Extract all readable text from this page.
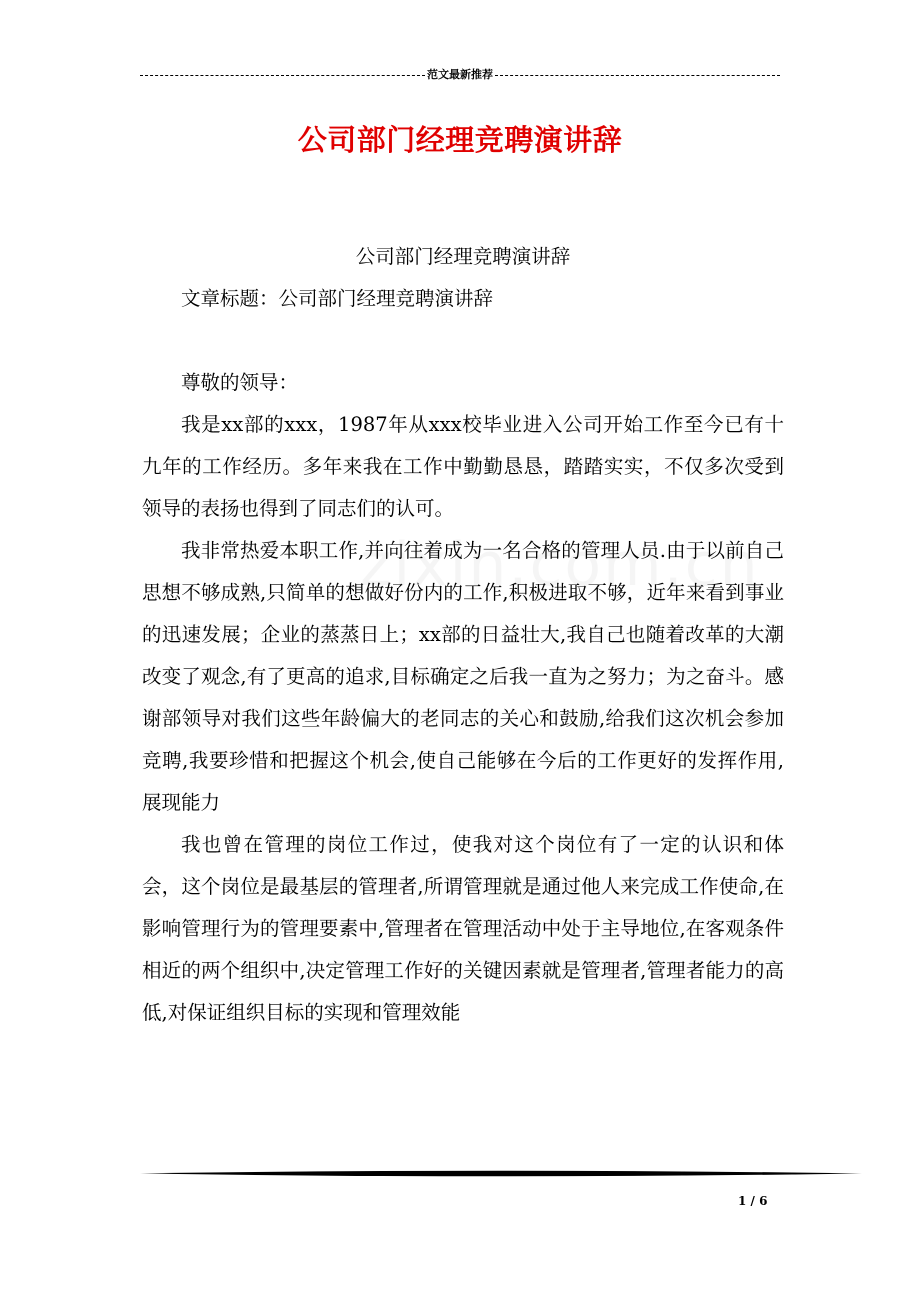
范文最新推荐
公司部门经理竞聘演讲辞

公司部门经理竞聘演讲辞

文章标题：公司部门经理竞聘演讲辞

尊敬的领导：

我是xx部的xxx，1987年从xxx校毕业进入公司开始工作至今已有十九年的工作经历。多年来我在工作中勤勤恳恳，踏踏实实，不仅多次受到领导的表扬也得到了同志们的认可。

我非常热爱本职工作,并向往着成为一名合格的管理人员.由于以前自己思想不够成熟,只简单的想做好份内的工作,积极进取不够，近年来看到事业的迅速发展；企业的蒸蒸日上；xx部的日益壮大,我自己也随着改革的大潮改变了观念,有了更高的追求,目标确定之后我一直为之努力；为之奋斗。感谢部领导对我们这些年龄偏大的老同志的关心和鼓励,给我们这次机会参加竞聘,我要珍惜和把握这个机会,使自己能够在今后的工作更好的发挥作用,展现能力

我也曾在管理的岗位工作过，使我对这个岗位有了一定的认识和体会，这个岗位是最基层的管理者,所谓管理就是通过他人来完成工作使命,在影响管理行为的管理要素中,管理者在管理活动中处于主导地位,在客观条件相近的两个组织中,决定管理工作好的关键因素就是管理者,管理者能力的高低,对保证组织目标的实现和管理效能

1 / 6
